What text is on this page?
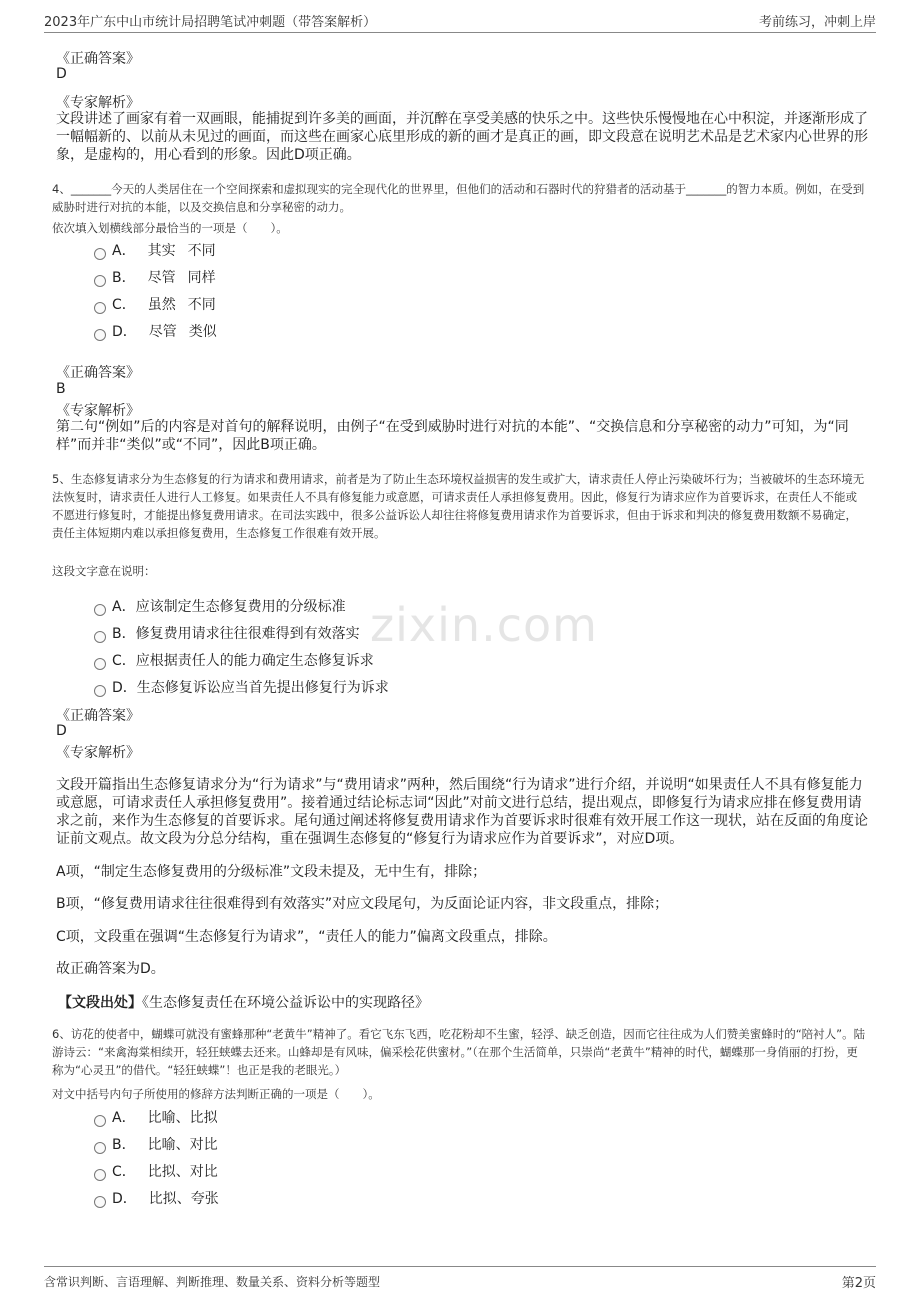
2023年广东中山市统计局招聘笔试冲刺题（带答案解析）	考前练习，冲刺上岸
zixin.com
《正确答案》
D
《专家解析》
文段讲述了画家有着一双画眼，能捕捉到许多美的画面，并沉醉在享受美感的快乐之中。这些快乐慢慢地在心中积淀，并逐渐形成了一幅幅新的、以前从未见过的画面，而这些在画家心底里形成的新的画才是真正的画，即文段意在说明艺术品是艺术家内心世界的形象，是虚构的，用心看到的形象。因此D项正确。
4、_______今天的人类居住在一个空间探索和虚拟现实的完全现代化的世界里，但他们的活动和石器时代的狩猎者的活动基于_______的智力本质。例如，在受到威胁时进行对抗的本能，以及交换信息和分享秘密的动力。
依次填入划横线部分最恰当的一项是（　　）。
A． 其实 不同
B． 尽管 同样
C． 虽然 不同
D． 尽管 类似
《正确答案》
B
《专家解析》
第二句“例如”后的内容是对首句的解释说明，由例子“在受到威胁时进行对抗的本能”、“交换信息和分享秘密的动力”可知，为“同样”而并非“类似”或“不同”，因此B项正确。
5、生态修复请求分为生态修复的行为请求和费用请求，前者是为了防止生态环境权益损害的发生或扩大，请求责任人停止污染破坏行为；当被破坏的生态环境无法恢复时，请求责任人进行人工修复。如果责任人不具有修复能力或意愿，可请求责任人承担修复费用。因此，修复行为请求应作为首要诉求，在责任人不能或不愿进行修复时，才能提出修复费用请求。在司法实践中，很多公益诉讼人却往往将修复费用请求作为首要诉求，但由于诉求和判决的修复费用数额不易确定，责任主体短期内难以承担修复费用，生态修复工作很难有效开展。
这段文字意在说明：
A．应该制定生态修复费用的分级标准
B．修复费用请求往往很难得到有效落实
C．应根据责任人的能力确定生态修复诉求
D．生态修复诉讼应当首先提出修复行为诉求
《正确答案》
D
《专家解析》
文段开篇指出生态修复请求分为“行为请求”与“费用请求”两种，然后围绕“行为请求”进行介绍，并说明“如果责任人不具有修复能力或意愿，可请求责任人承担修复费用”。接着通过结论标志词“因此”对前文进行总结，提出观点，即修复行为请求应排在修复费用请求之前，来作为生态修复的首要诉求。尾句通过阐述将修复费用请求作为首要诉求时很难有效开展工作这一现状，站在反面的角度论证前文观点。故文段为分总分结构，重在强调生态修复的“修复行为请求应作为首要诉求”，对应D项。
A项，“制定生态修复费用的分级标准”文段未提及，无中生有，排除；
B项，“修复费用请求往往很难得到有效落实”对应文段尾句，为反面论证内容，非文段重点，排除；
C项，文段重在强调“生态修复行为请求”，“责任人的能力”偏离文段重点，排除。
故正确答案为D。
【文段出处】《生态修复责任在环境公益诉讼中的实现路径》
6、访花的使者中，蝴蝶可就没有蜜蜂那种“老黄牛”精神了。看它飞东飞西，吃花粉却不生蜜，轻浮、缺乏创造，因而它往往成为人们赞美蜜蜂时的“陪衬人”。陆游诗云：“来禽海棠相续开，轻狂蛱蝶去还来。山蜂却是有风味，偏采桧花供蜜材。”（在那个生活简单，只崇尚“老黄牛”精神的时代，蝴蝶那一身俏丽的打扮，更称为“心灵丑”的借代。“轻狂蛱蝶”！也正是我的老眼光。）
对文中括号内句子所使用的修辞方法判断正确的一项是（　　）。
A． 比喻、比拟
B． 比喻、对比
C． 比拟、对比
D． 比拟、夸张
含常识判断、言语理解、判断推理、数量关系、资料分析等题型	第2页
